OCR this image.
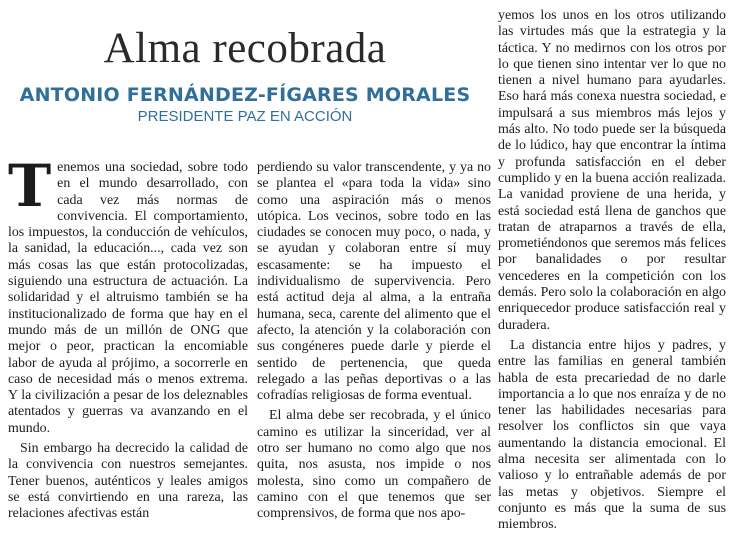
Alma recobrada
ANTONIO FERNÁNDEZ-FÍGARES MORALES
PRESIDENTE PAZ EN ACCIÓN

Tenemos una sociedad, sobre todo en el mundo desarrollado, con cada vez más normas de convivencia. El comportamiento, los impuestos, la conducción de vehículos, la sanidad, la educación..., cada vez son más cosas las que están protocolizadas, siguiendo una estructura de actuación. La solidaridad y el altruismo también se ha institucionalizado de forma que hay en el mundo más de un millón de ONG que mejor o peor, practican la encomiable labor de ayuda al prójimo, a socorrerle en caso de necesidad más o menos extrema. Y la civilización a pesar de los deleznables atentados y guerras va avanzando en el mundo.

Sin embargo ha decrecido la calidad de la convivencia con nuestros semejantes. Tener buenos, auténticos y leales amigos se está convirtiendo en una rareza, las relaciones afectivas están

perdiendo su valor transcendente, y ya no se plantea el «para toda la vida» sino como una aspiración más o menos utópica. Los vecinos, sobre todo en las ciudades se conocen muy poco, o nada, y se ayudan y colaboran entre sí muy escasamente: se ha impuesto el individualismo de supervivencia. Pero está actitud deja al alma, a la entraña humana, seca, carente del alimento que el afecto, la atención y la colaboración con sus congéneres puede darle y pierde el sentido de pertenencia, que queda relegado a las peñas deportivas o a las cofradías religiosas de forma eventual.

El alma debe ser recobrada, y el único camino es utilizar la sinceridad, ver al otro ser humano no como algo que nos quita, nos asusta, nos impide o nos molesta, sino como un compañero de camino con el que tenemos que ser comprensivos, de forma que nos apo-

yemos los unos en los otros utilizando las virtudes más que la estrategia y la táctica. Y no medirnos con los otros por lo que tienen sino intentar ver lo que no tienen a nivel humano para ayudarles. Eso hará más conexa nuestra sociedad, e impulsará a sus miembros más lejos y más alto. No todo puede ser la búsqueda de lo lúdico, hay que encontrar la íntima y profunda satisfacción en el deber cumplido y en la buena acción realizada. La vanidad proviene de una herida, y está sociedad está llena de ganchos que tratan de atraparnos a través de ella, prometiéndonos que seremos más felices por banalidades o por resultar vencederes en la competición con los demás. Pero solo la colaboración en algo enriquecedor produce satisfacción real y duradera.

La distancia entre hijos y padres, y entre las familias en general también habla de esta precariedad de no darle importancia a lo que nos enraíza y de no tener las habilidades necesarias para resolver los conflictos sin que vaya aumentando la distancia emocional. El alma necesita ser alimentada con lo valioso y lo entrañable además de por las metas y objetivos. Siempre el conjunto es más que la suma de sus miembros.
